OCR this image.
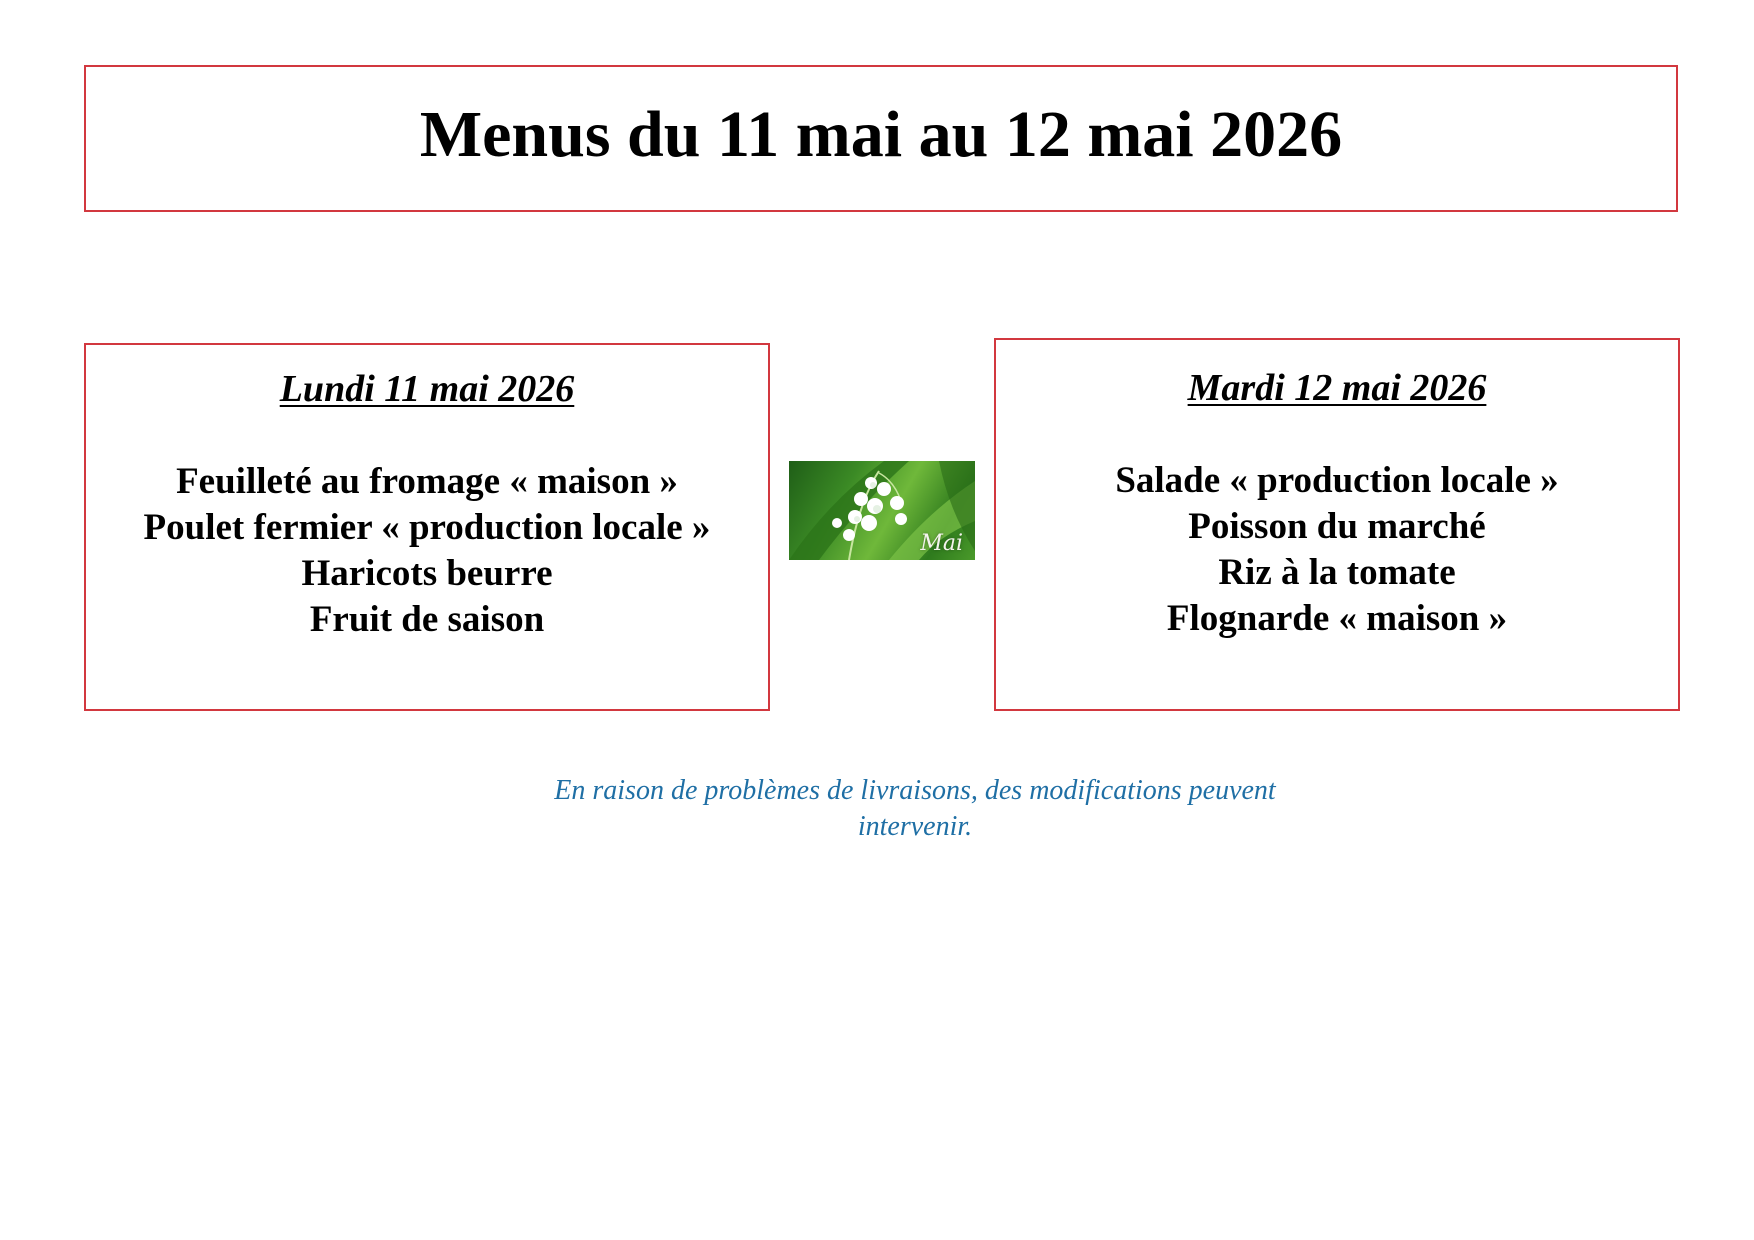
Menus du 11 mai au 12 mai 2026
Lundi 11 mai 2026
Feuilleté au fromage « maison »
Poulet fermier « production locale »
Haricots beurre
Fruit de saison
Mai
Mardi 12 mai 2026
Salade « production locale »
Poisson du marché
Riz à la tomate
Flognarde « maison »

En raison de problèmes de livraisons, des modifications peuvent
intervenir.
